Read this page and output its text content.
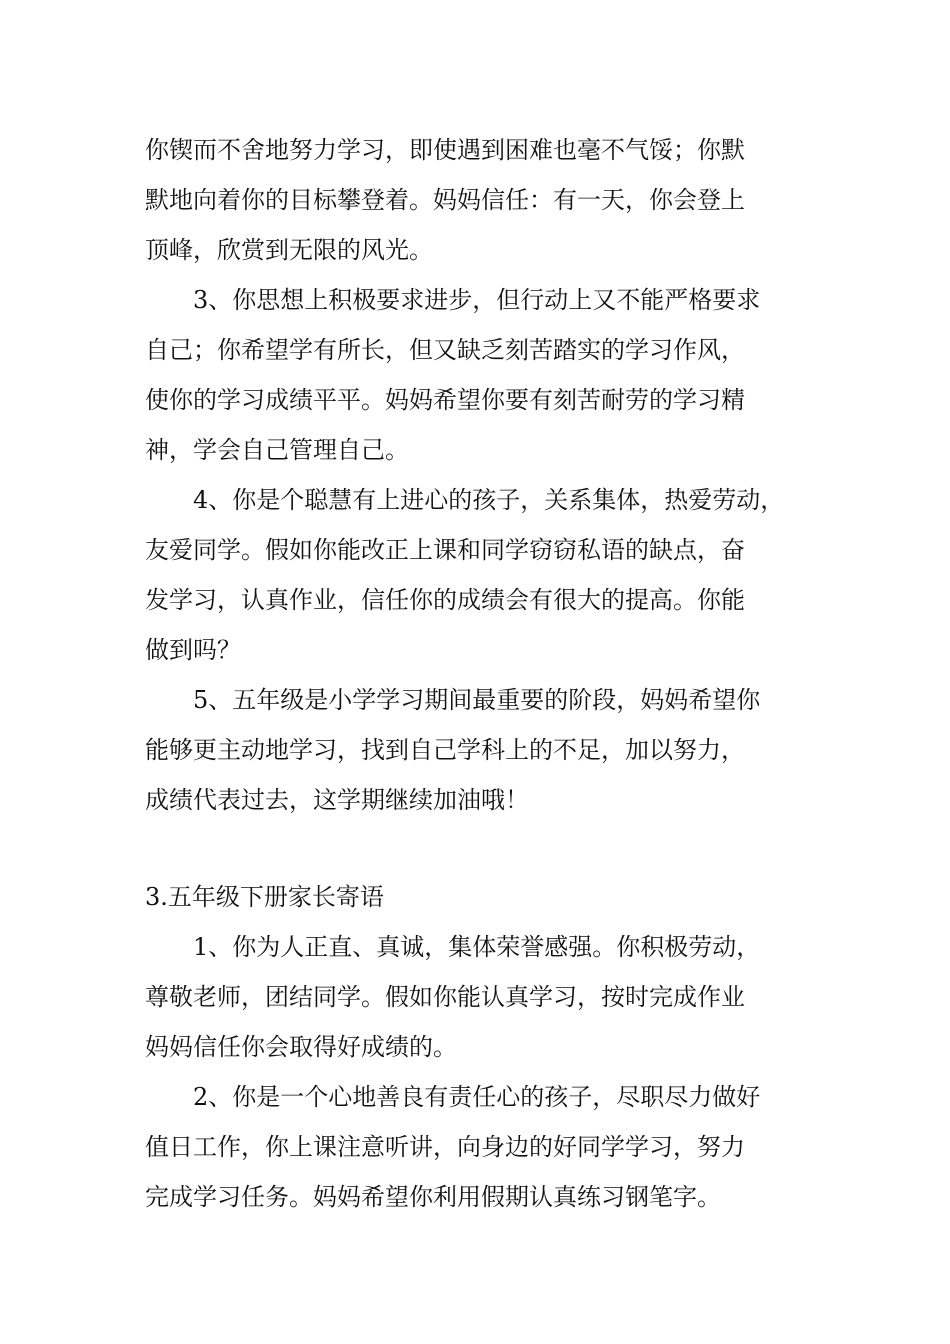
你锲而不舍地努力学习，即使遇到困难也毫不气馁；你默
默地向着你的目标攀登着。妈妈信任：有一天，你会登上
顶峰，欣赏到无限的风光。
3、你思想上积极要求进步，但行动上又不能严格要求
自己；你希望学有所长，但又缺乏刻苦踏实的学习作风，
使你的学习成绩平平。妈妈希望你要有刻苦耐劳的学习精
神，学会自己管理自己。
4、你是个聪慧有上进心的孩子，关系集体，热爱劳动，
友爱同学。假如你能改正上课和同学窃窃私语的缺点，奋
发学习，认真作业，信任你的成绩会有很大的提高。你能
做到吗？
5、五年级是小学学习期间最重要的阶段，妈妈希望你
能够更主动地学习，找到自己学科上的不足，加以努力，
成绩代表过去，这学期继续加油哦！
3.五年级下册家长寄语
1、你为人正直、真诚，集体荣誉感强。你积极劳动，
尊敬老师，团结同学。假如你能认真学习，按时完成作业
妈妈信任你会取得好成绩的。
2、你是一个心地善良有责任心的孩子，尽职尽力做好
值日工作，你上课注意听讲，向身边的好同学学习，努力
完成学习任务。妈妈希望你利用假期认真练习钢笔字。
